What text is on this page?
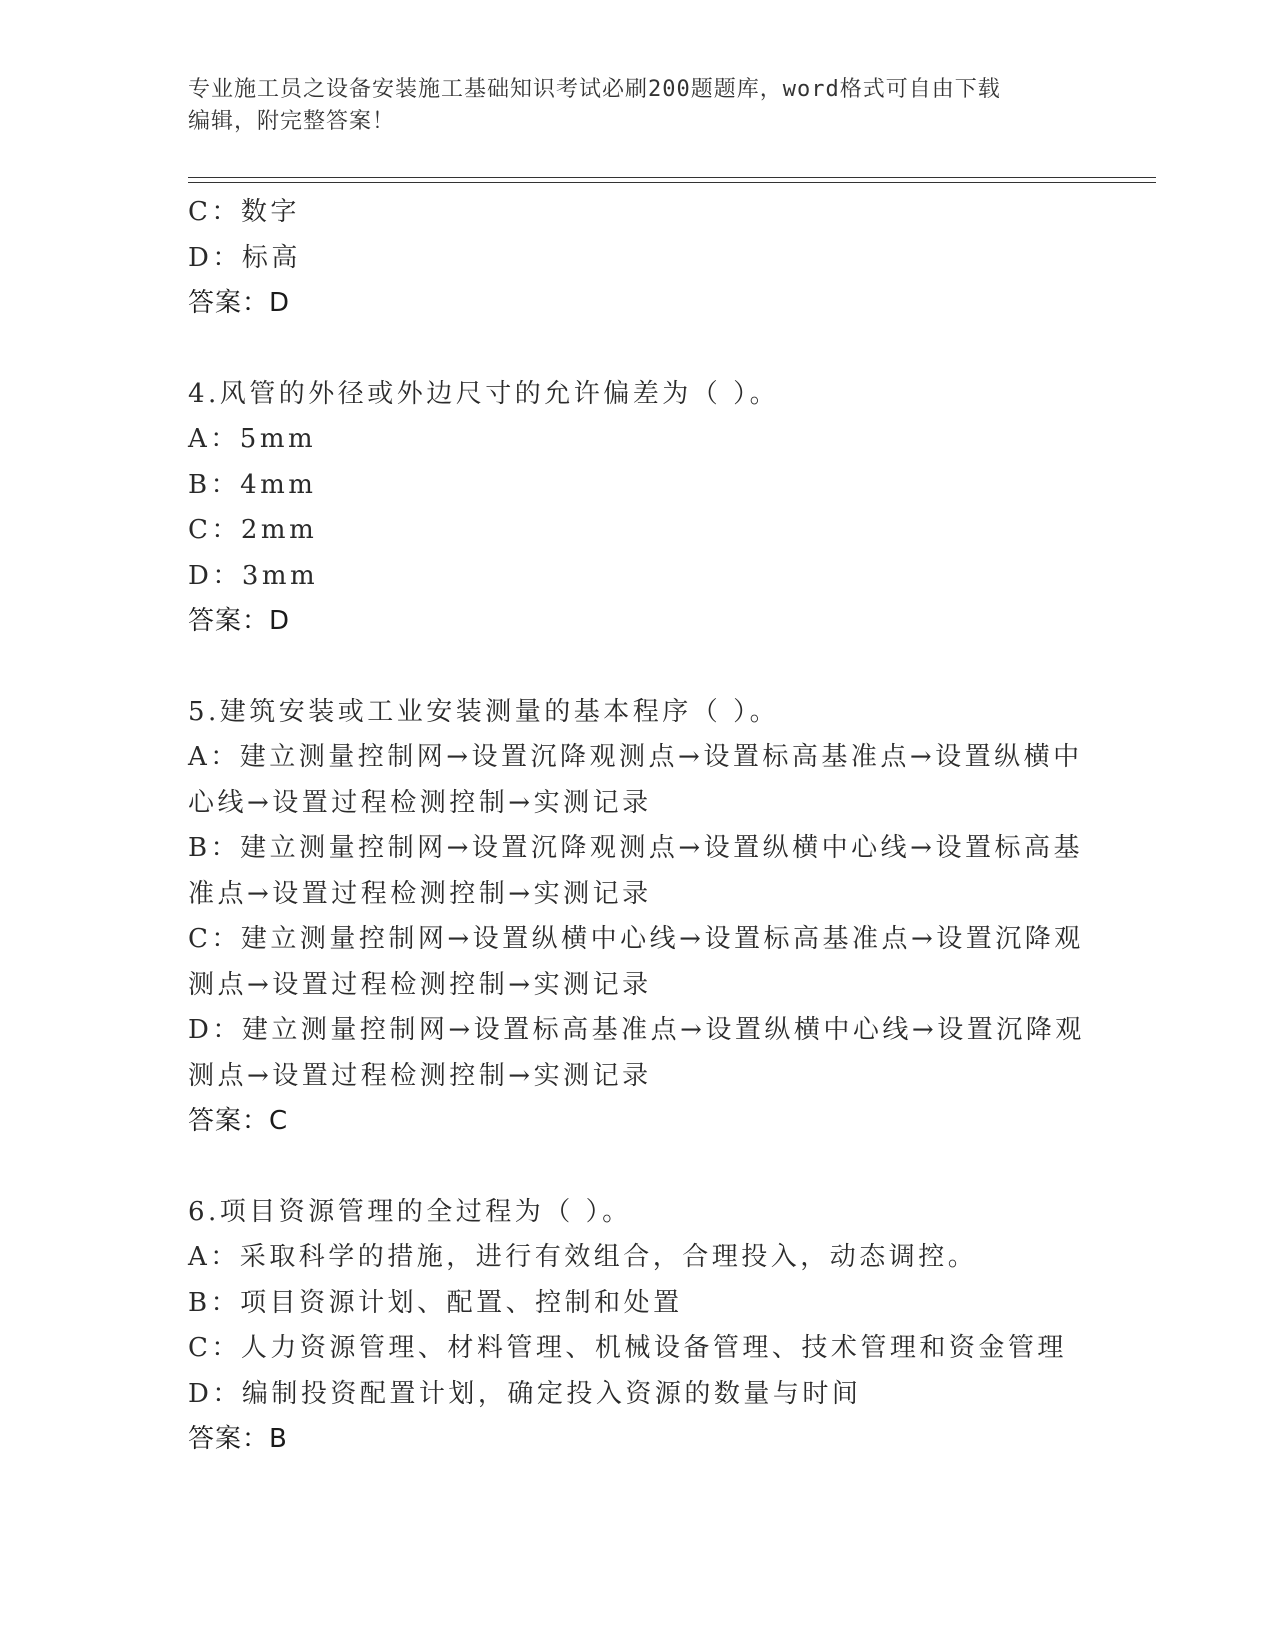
专业施工员之设备安装施工基础知识考试必刷200题题库，word格式可自由下载
编辑，附完整答案！
C：数字
D：标高
答案：D
4.风管的外径或外边尺寸的允许偏差为（ ）。
A：5mm
B：4mm
C：2mm
D：3mm
答案：D
5.建筑安装或工业安装测量的基本程序（ ）。
A：建立测量控制网→设置沉降观测点→设置标高基准点→设置纵横中
心线→设置过程检测控制→实测记录
B：建立测量控制网→设置沉降观测点→设置纵横中心线→设置标高基
准点→设置过程检测控制→实测记录
C：建立测量控制网→设置纵横中心线→设置标高基准点→设置沉降观
测点→设置过程检测控制→实测记录
D：建立测量控制网→设置标高基准点→设置纵横中心线→设置沉降观
测点→设置过程检测控制→实测记录
答案：C
6.项目资源管理的全过程为（ ）。
A：采取科学的措施，进行有效组合，合理投入，动态调控。
B：项目资源计划、配置、控制和处置
C：人力资源管理、材料管理、机械设备管理、技术管理和资金管理
D：编制投资配置计划，确定投入资源的数量与时间
答案：B
